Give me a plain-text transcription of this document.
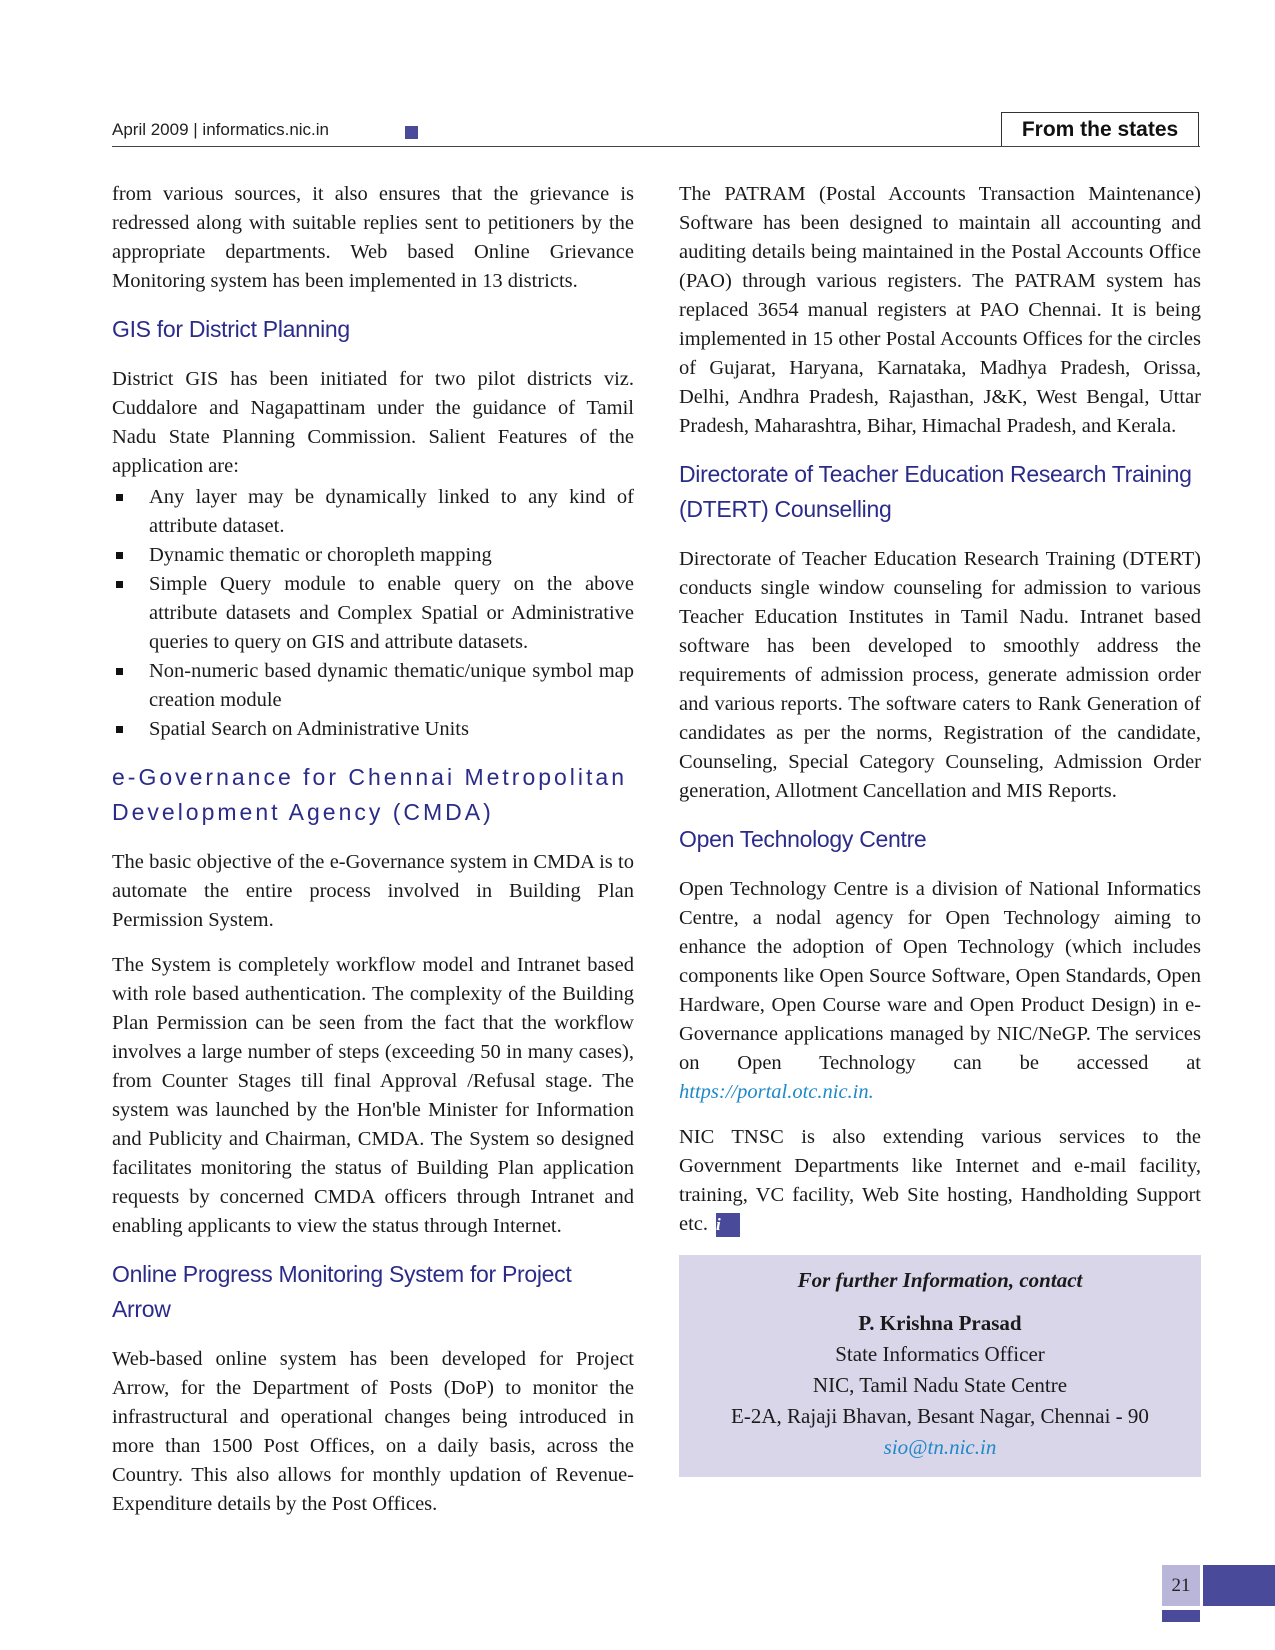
April 2009 | informatics.nic.in	From the states

from various sources, it also ensures that the grievance is redressed along with suitable replies sent to petitioners by the appropriate departments. Web based Online Grievance Monitoring system has been implemented in 13 districts.

GIS for District Planning

District GIS has been initiated for two pilot districts viz. Cuddalore and Nagapattinam under the guidance of Tamil Nadu State Planning Commission. Salient Features of the application are:

Any layer may be dynamically linked to any kind of attribute dataset.
Dynamic thematic or choropleth mapping
Simple Query module to enable query on the above attribute datasets and Complex Spatial or Administrative queries to query on GIS and attribute datasets.
Non-numeric based dynamic thematic/unique symbol map creation module
Spatial Search on Administrative Units
e-Governance for Chennai Metropolitan Development Agency (CMDA)

The basic objective of the e-Governance system in CMDA is to automate the entire process involved in Building Plan Permission System.

The System is completely workflow model and Intranet based with role based authentication. The complexity of the Building Plan Permission can be seen from the fact that the workflow involves a large number of steps (exceeding 50 in many cases), from Counter Stages till final Approval /Refusal stage. The system was launched by the Hon'ble Minister for Information and Publicity and Chairman, CMDA. The System so designed facilitates monitoring the status of Building Plan application requests by concerned CMDA officers through Intranet and enabling applicants to view the status through Internet.

Online Progress Monitoring System for Project Arrow

Web-based online system has been developed for Project Arrow, for the Department of Posts (DoP) to monitor the infrastructural and operational changes being introduced in more than 1500 Post Offices, on a daily basis, across the Country. This also allows for monthly updation of Revenue-Expenditure details by the Post Offices.

The PATRAM (Postal Accounts Transaction Maintenance) Software has been designed to maintain all accounting and auditing details being maintained in the Postal Accounts Office (PAO) through various registers. The PATRAM system has replaced 3654 manual registers at PAO Chennai. It is being implemented in 15 other Postal Accounts Offices for the circles of Gujarat, Haryana, Karnataka, Madhya Pradesh, Orissa, Delhi, Andhra Pradesh, Rajasthan, J&K, West Bengal, Uttar Pradesh, Maharashtra, Bihar, Himachal Pradesh, and Kerala.

Directorate of Teacher Education Research Training (DTERT) Counselling

Directorate of Teacher Education Research Training (DTERT) conducts single window counseling for admission to various Teacher Education Institutes in Tamil Nadu. Intranet based software has been developed to smoothly address the requirements of admission process, generate admission order and various reports. The software caters to Rank Generation of candidates as per the norms, Registration of the candidate, Counseling, Special Category Counseling, Admission Order generation, Allotment Cancellation and MIS Reports.

Open Technology Centre

Open Technology Centre is a division of National Informatics Centre, a nodal agency for Open Technology aiming to enhance the adoption of Open Technology (which includes components like Open Source Software, Open Standards, Open Hardware, Open Course ware and Open Product Design) in e-Governance applications managed by NIC/NeGP. The services on Open Technology can be accessed at https://portal.otc.nic.in.

NIC TNSC is also extending various services to the Government Departments like Internet and e-mail facility, training, VC facility, Web Site hosting, Handholding Support etc. i

For further Information, contact
P. Krishna Prasad
State Informatics Officer
NIC, Tamil Nadu State Centre
E-2A, Rajaji Bhavan, Besant Nagar, Chennai - 90
sio@tn.nic.in
21
